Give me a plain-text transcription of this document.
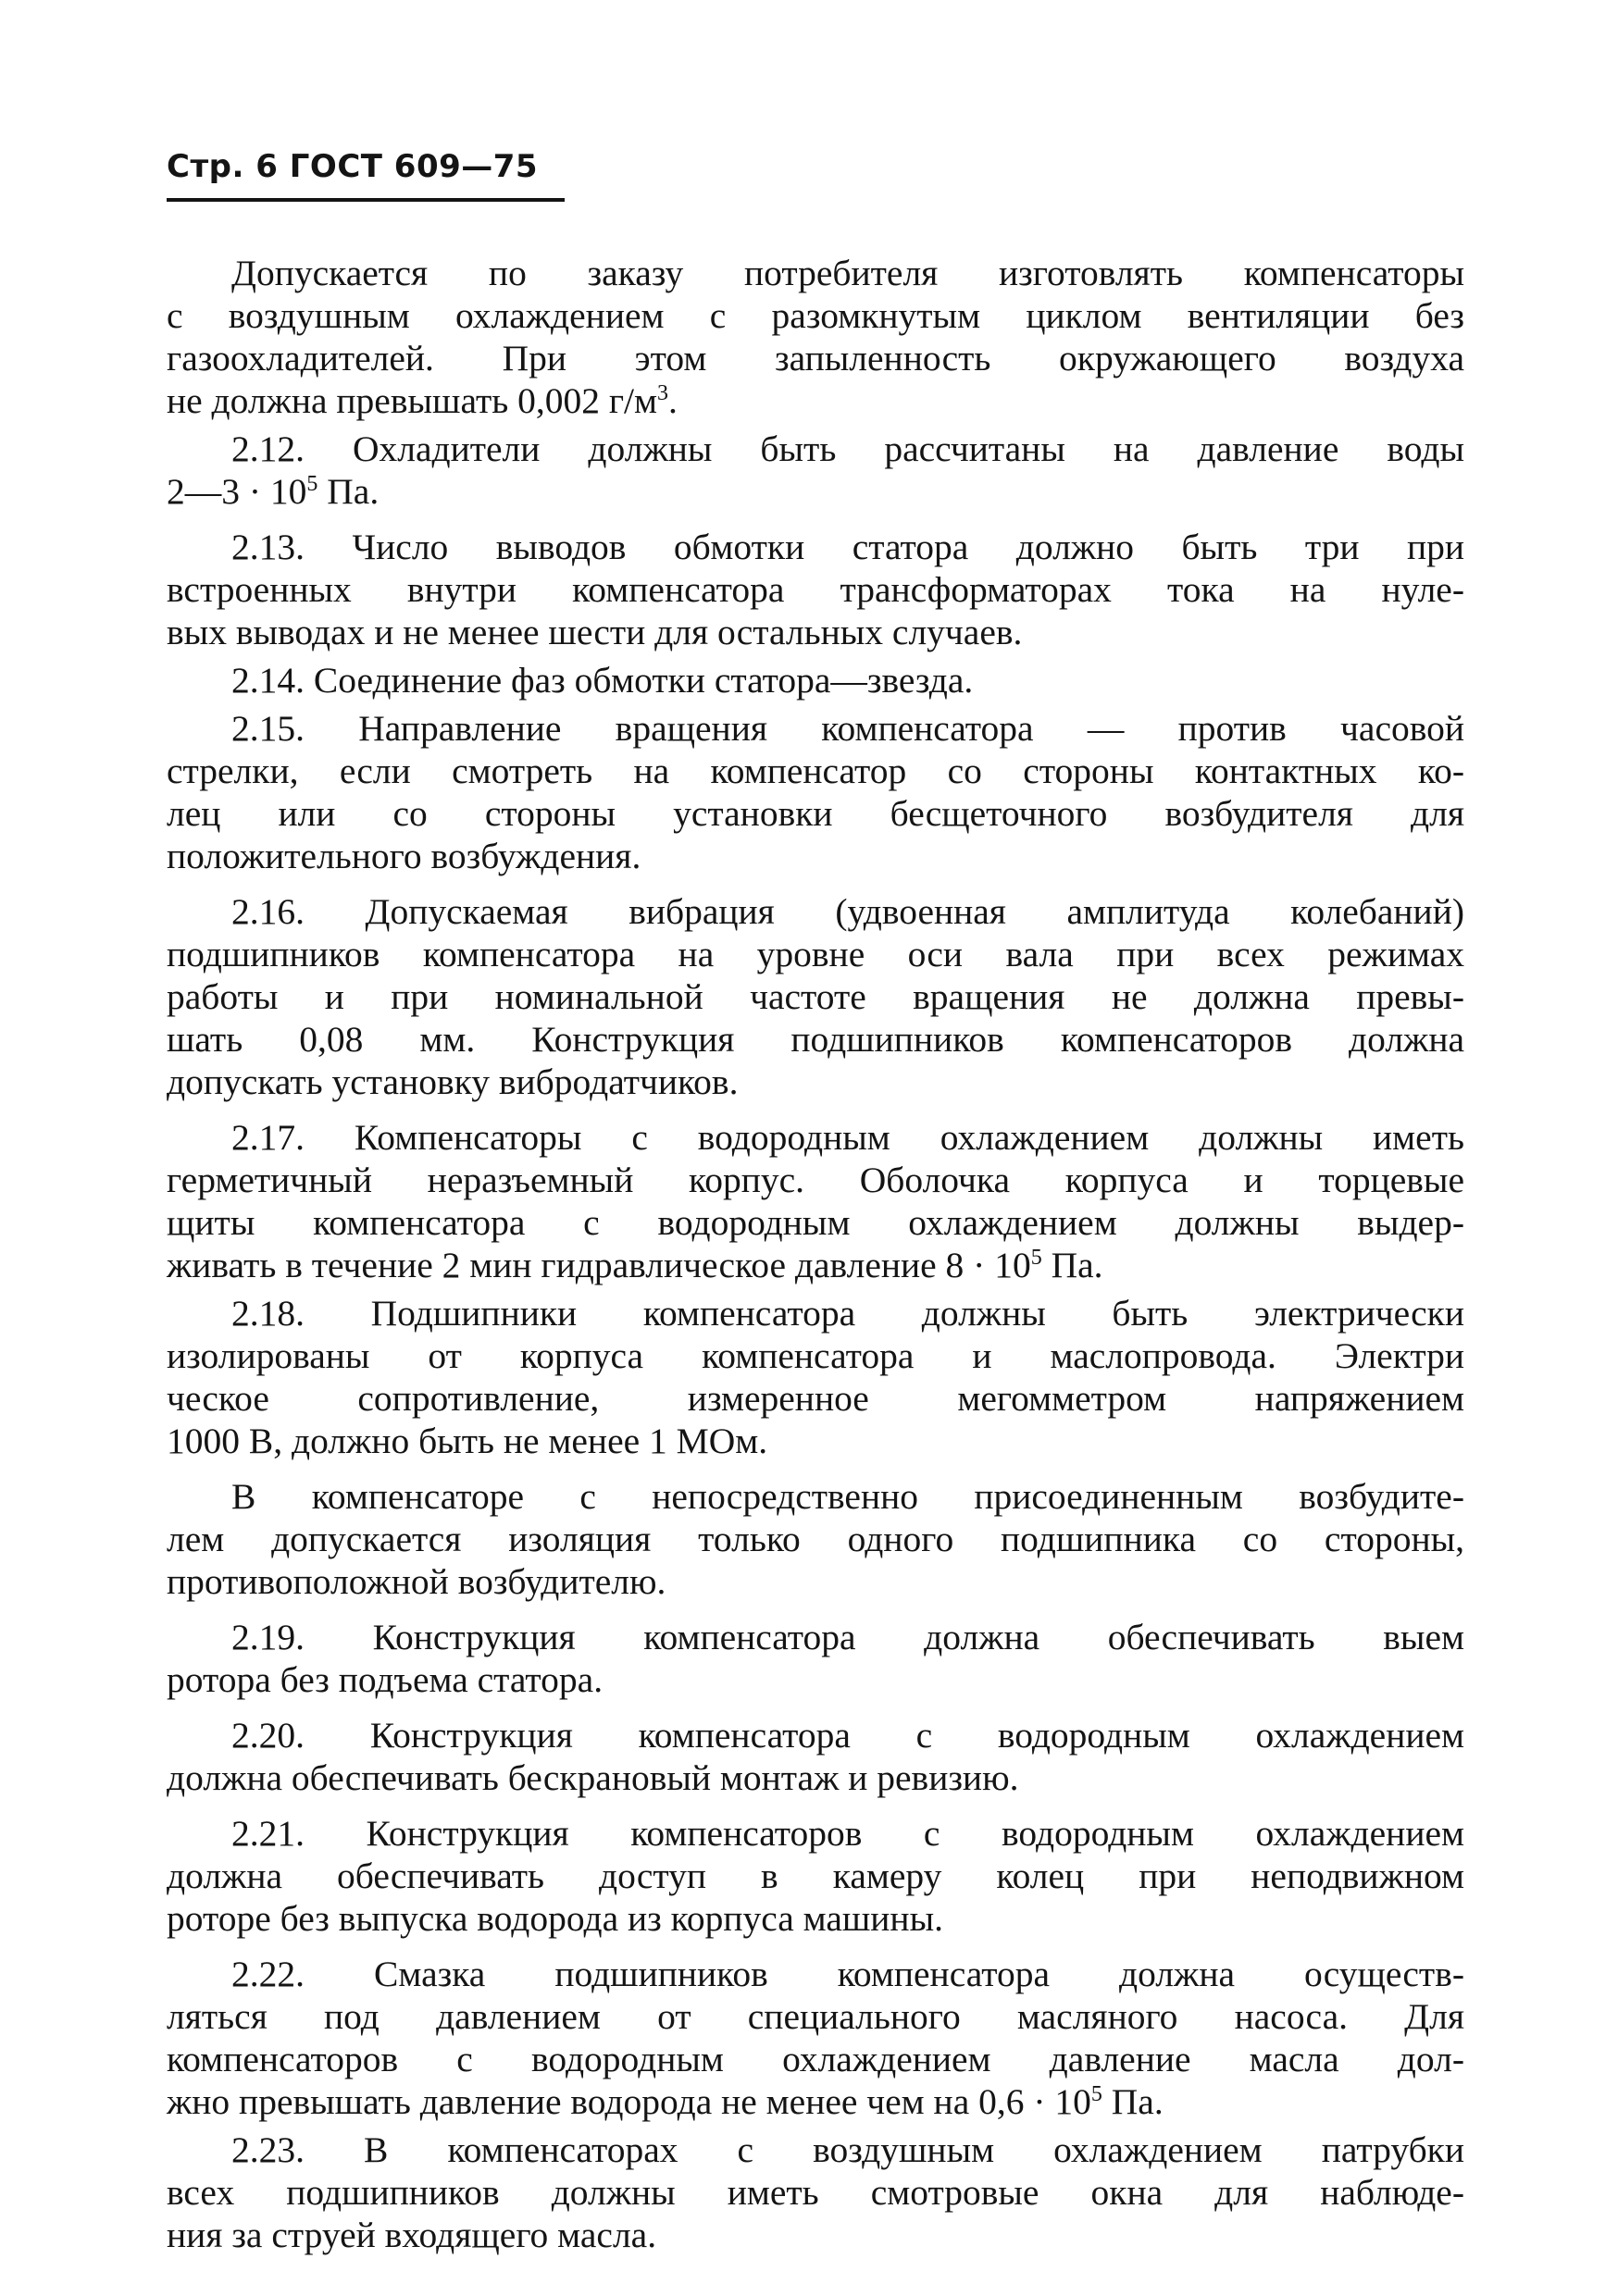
Стр. 6 ГОСТ 609—75
Допускается по заказу потребителя изготовлять компенсаторы
с воздушным охлаждением с разомкнутым циклом вентиляции без
газоохладителей. При этом запыленность окружающего воздуха
не должна превышать 0,002 $г/м^3$.
2.12. Охладители должны быть рассчитаны на давление воды
2—3 · $10^5$ Па.
2.13. Число выводов обмотки статора должно быть три при
встроенных внутри компенсатора трансформаторах тока на нуле-
вых выводах и не менее шести для остальных случаев.
2.14. Соединение фаз обмотки статора—звезда.
2.15. Направление вращения компенсатора — против часовой
стрелки, если смотреть на компенсатор со стороны контактных ко-
лец или со стороны установки бесщеточного возбудителя для
положительного возбуждения.
2.16. Допускаемая вибрация (удвоенная амплитуда колебаний)
подшипников компенсатора на уровне оси вала при всех режимах
работы и при номинальной частоте вращения не должна превы-
шать 0,08 мм. Конструкция подшипников компенсаторов должна
допускать установку вибродатчиков.
2.17. Компенсаторы с водородным охлаждением должны иметь
герметичный неразъемный корпус. Оболочка корпуса и торцевые
щиты компенсатора с водородным охлаждением должны выдер-
живать в течение 2 мин гидравлическое давление $8 \cdot 10^5$ Па.
2.18. Подшипники компенсатора должны быть электрически
изолированы от корпуса компенсатора и маслопровода. Электри
ческое сопротивление, измеренное мегомметром напряжением
1000 В, должно быть не менее 1 МОм.
В компенсаторе с непосредственно присоединенным возбудите-
лем допускается изоляция только одного подшипника со стороны,
противоположной возбудителю.
2.19. Конструкция компенсатора должна обеспечивать выем
ротора без подъема статора.
2.20. Конструкция компенсатора с водородным охлаждением
должна обеспечивать бескрановый монтаж и ревизию.
2.21. Конструкция компенсаторов с водородным охлаждением
должна обеспечивать доступ в камеру колец при неподвижном
роторе без выпуска водорода из корпуса машины.
2.22. Смазка подшипников компенсатора должна осуществ-
ляться под давлением от специального масляного насоса. Для
компенсаторов с водородным охлаждением давление масла дол-
жно превышать давление водорода не менее чем на $0,6 \cdot 10^5$ Па.
2.23. В компенсаторах с воздушным охлаждением патрубки
всех подшипников должны иметь смотровые окна для наблюде-
ния за струей входящего масла.
